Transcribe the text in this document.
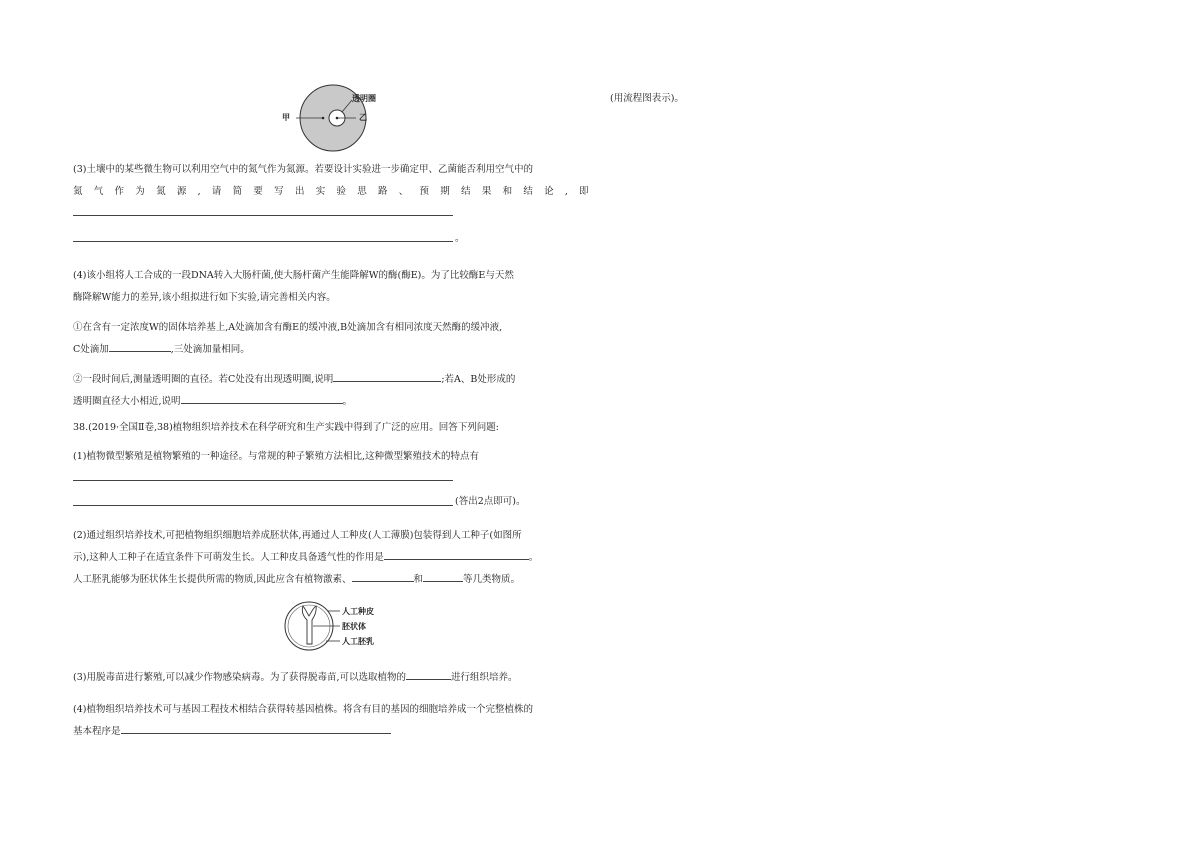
(用流程图表示)。
甲
透明圈
乙
(3)土壤中的某些微生物可以利用空气中的氮气作为氮源。若要设计实验进一步确定甲、乙菌能否利用空气中的
氮 气 作 为 氮 源 , 请 简 要 写 出 实 验 思 路 、 预 期 结 果 和 结 论 , 即
。
(4)该小组将人工合成的一段DNA转入大肠杆菌,使大肠杆菌产生能降解W的酶(酶E)。为了比较酶E与天然
酶降解W能力的差异,该小组拟进行如下实验,请完善相关内容。
①在含有一定浓度W的固体培养基上,A处滴加含有酶E的缓冲液,B处滴加含有相同浓度天然酶的缓冲液,
C处滴加	,三处滴加量相同。
②一段时间后,测量透明圈的直径。若C处没有出现透明圈,说明	;若A、B处形成的
透明圈直径大小相近,说明	。
38.(2019·全国Ⅱ卷,38)植物组织培养技术在科学研究和生产实践中得到了广泛的应用。回答下列问题:
(1)植物微型繁殖是植物繁殖的一种途径。与常规的种子繁殖方法相比,这种微型繁殖技术的特点有
(答出2点即可)。
(2)通过组织培养技术,可把植物组织细胞培养成胚状体,再通过人工种皮(人工薄膜)包装得到人工种子(如图所
示),这种人工种子在适宜条件下可萌发生长。人工种皮具备透气性的作用是	。
人工胚乳能够为胚状体生长提供所需的物质,因此应含有植物激素、	和	等几类物质。
(3)用脱毒苗进行繁殖,可以减少作物感染病毒。为了获得脱毒苗,可以选取植物的	进行组织培养。
(4)植物组织培养技术可与基因工程技术相结合获得转基因植株。将含有目的基因的细胞培养成一个完整植株的
基本程序是
人工种皮
胚状体
人工胚乳
